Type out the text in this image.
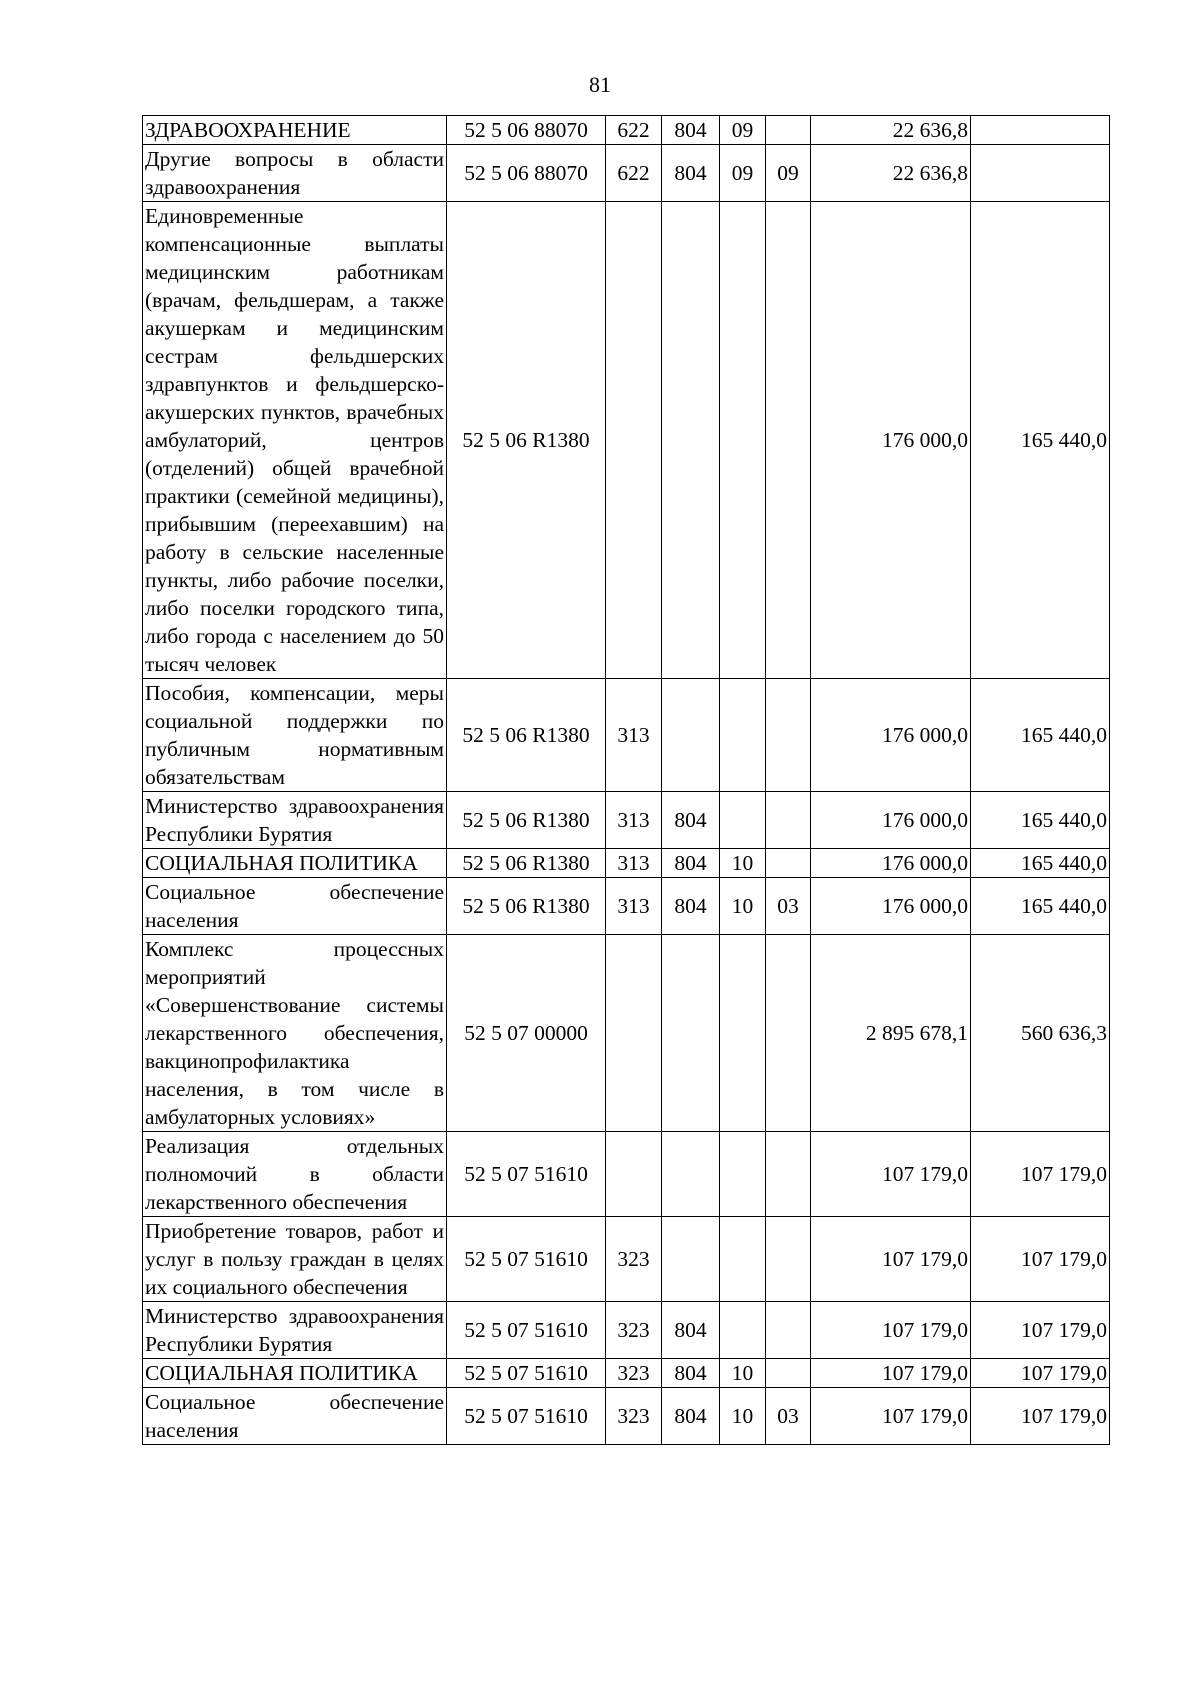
81
ЗДРАВООХРАНЕНИЕ	52 5 06 88070	622	804	09		22 636,8	
Другие вопросы в области здравоохранения	52 5 06 88070	622	804	09	09	22 636,8	
Единовременные компенсационные выплаты медицинским работникам (врачам, фельдшерам, а также акушеркам и медицинским сестрам фельдшерских здравпунктов и фельдшерско-акушерских пунктов, врачебных амбулаторий, центров (отделений) общей врачебной практики (семейной медицины), прибывшим (переехавшим) на работу в сельские населенные пункты, либо рабочие поселки, либо поселки городского типа, либо города с населением до 50 тысяч человек	52 5 06 R1380					176 000,0	165 440,0
Пособия, компенсации, меры социальной поддержки по публичным нормативным обязательствам	52 5 06 R1380	313				176 000,0	165 440,0
Министерство здравоохранения Республики Бурятия	52 5 06 R1380	313	804			176 000,0	165 440,0
СОЦИАЛЬНАЯ ПОЛИТИКА	52 5 06 R1380	313	804	10		176 000,0	165 440,0
Социальное обеспечение населения	52 5 06 R1380	313	804	10	03	176 000,0	165 440,0
Комплекс процессных мероприятий «Совершенствование системы лекарственного обеспечения, вакцинопрофилактика населения, в том числе в амбулаторных условиях»	52 5 07 00000					2 895 678,1	560 636,3
Реализация отдельных полномочий в области лекарственного обеспечения	52 5 07 51610					107 179,0	107 179,0
Приобретение товаров, работ и услуг в пользу граждан в целях их социального обеспечения	52 5 07 51610	323				107 179,0	107 179,0
Министерство здравоохранения Республики Бурятия	52 5 07 51610	323	804			107 179,0	107 179,0
СОЦИАЛЬНАЯ ПОЛИТИКА	52 5 07 51610	323	804	10		107 179,0	107 179,0
Социальное обеспечение населения	52 5 07 51610	323	804	10	03	107 179,0	107 179,0
